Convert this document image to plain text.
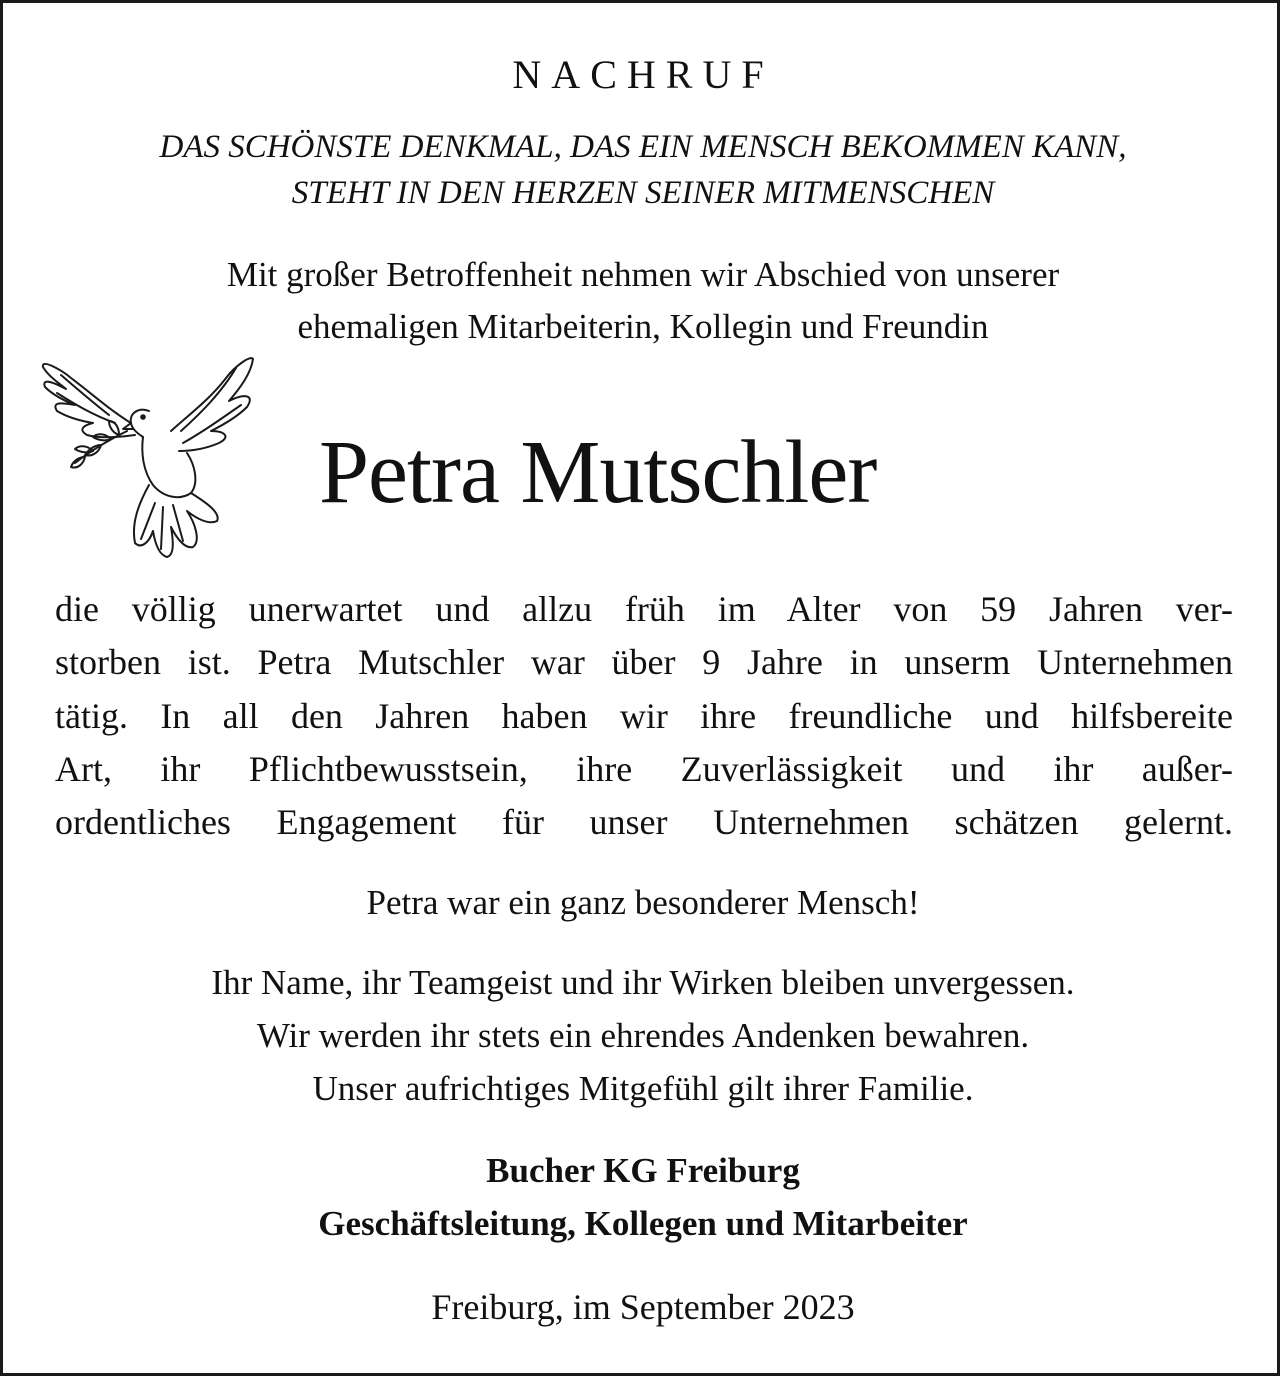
NACHRUF
DAS SCHÖNSTE DENKMAL, DAS EIN MENSCH BEKOMMEN KANN,
STEHT IN DEN HERZEN SEINER MITMENSCHEN
Mit großer Betroffenheit nehmen wir Abschied von unserer
ehemaligen Mitarbeiterin, Kollegin und Freundin
Petra Mutschler
die völlig unerwartet und allzu früh im Alter von 59 Jahren ver-
storben ist. Petra Mutschler war über 9 Jahre in unserm Unternehmen
tätig. In all den Jahren haben wir ihre freundliche und hilfsbereite
Art, ihr Pflichtbewusstsein, ihre Zuverlässigkeit und ihr außer-
ordentliches Engagement für unser Unternehmen schätzen gelernt.
Petra war ein ganz besonderer Mensch!
Ihr Name, ihr Teamgeist und ihr Wirken bleiben unvergessen.
Wir werden ihr stets ein ehrendes Andenken bewahren.
Unser aufrichtiges Mitgefühl gilt ihrer Familie.
Bucher KG Freiburg
Geschäftsleitung, Kollegen und Mitarbeiter
Freiburg, im September 2023
